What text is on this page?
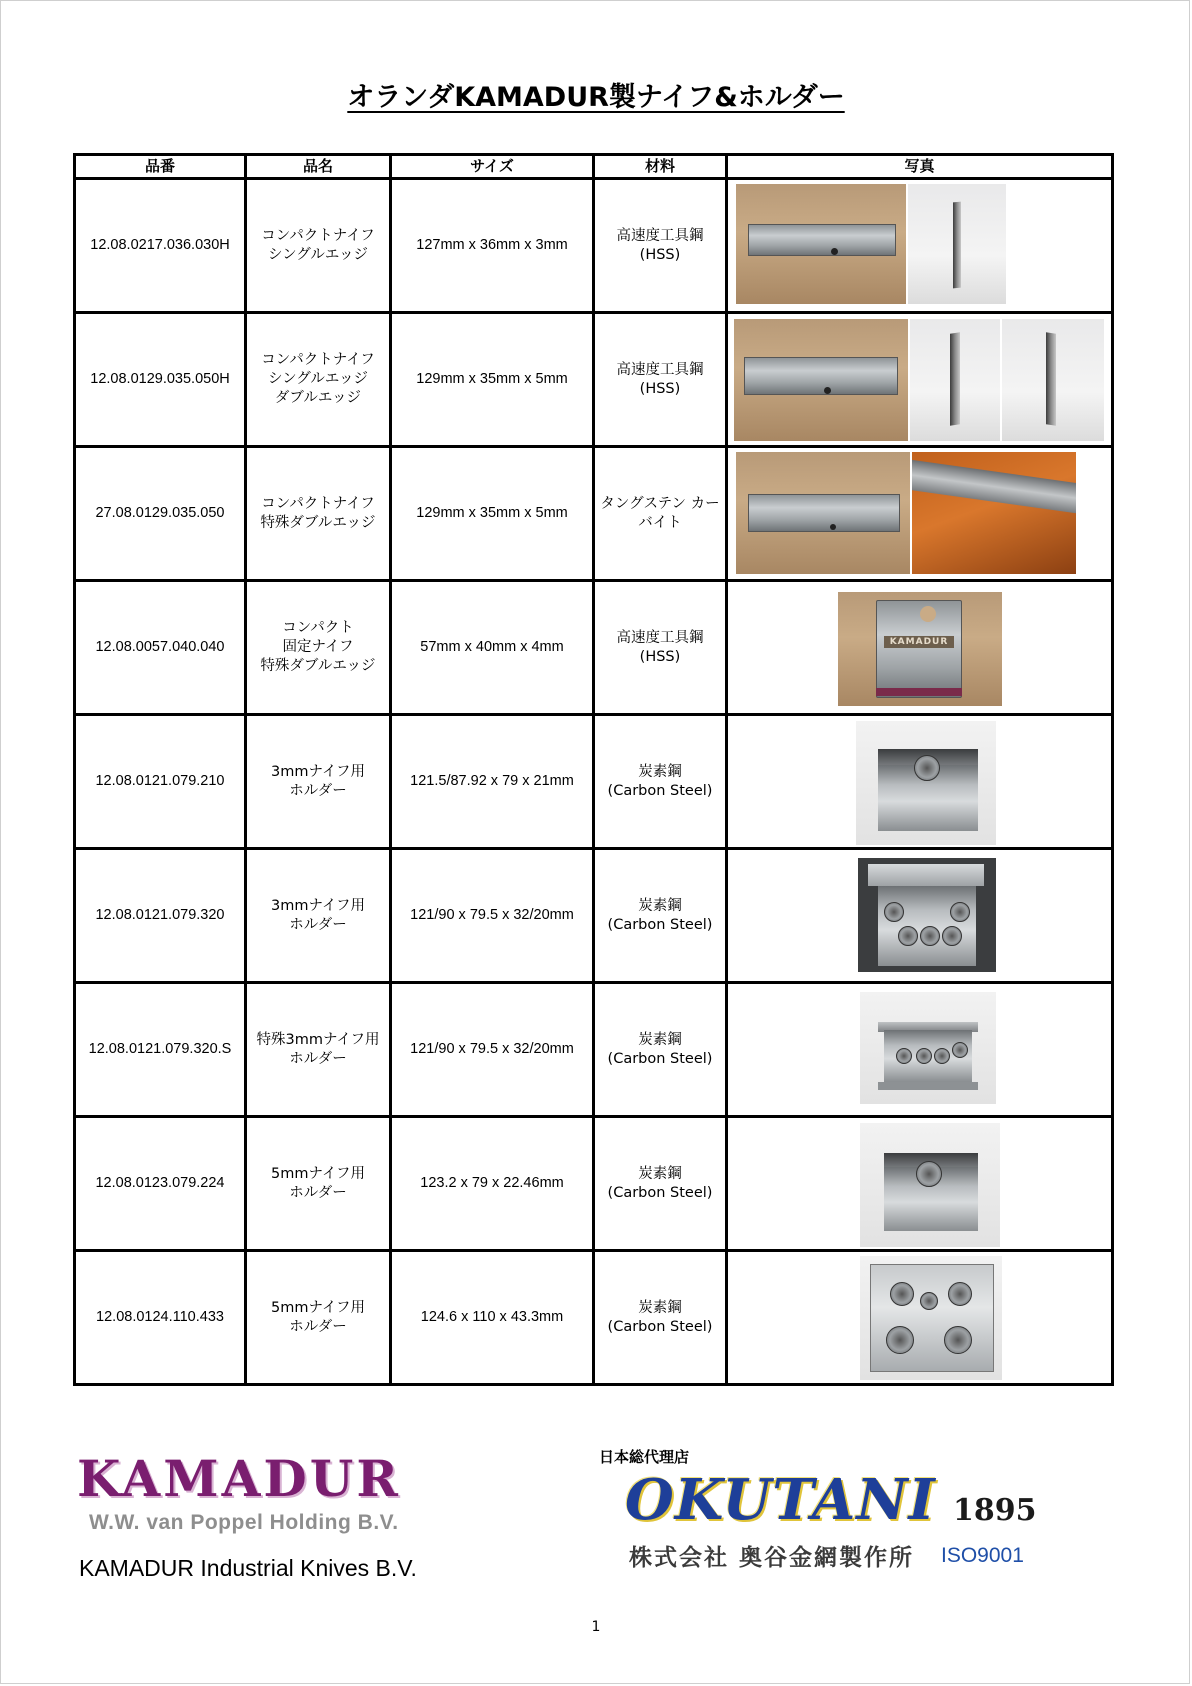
オランダKAMADUR製ナイフ&ホルダー
品番	品名	サイズ	材料	写真
12.08.0217.036.030H	コンパクトナイフ
シングルエッジ	127mm x 36mm x 3mm	高速度工具鋼
(HSS)	

12.08.0129.035.050H	コンパクトナイフ
シングルエッジ
ダブルエッジ	129mm x 35mm x 5mm	高速度工具鋼
(HSS)	

27.08.0129.035.050	コンパクトナイフ
特殊ダブルエッジ	129mm x 35mm x 5mm	タングステン カー
バイト	

12.08.0057.040.040	コンパクト
固定ナイフ
特殊ダブルエッジ	57mm x 40mm x 4mm	高速度工具鋼
(HSS)	KAMADUR

12.08.0121.079.210	3mmナイフ用
ホルダー	121.5/87.92 x 79 x 21mm	炭素鋼
(Carbon Steel)	

12.08.0121.079.320	3mmナイフ用
ホルダー	121/90 x 79.5 x 32/20mm	炭素鋼
(Carbon Steel)	

12.08.0121.079.320.S	特殊3mmナイフ用
ホルダー	121/90 x 79.5 x 32/20mm	炭素鋼
(Carbon Steel)	

12.08.0123.079.224	5mmナイフ用
ホルダー	123.2 x 79 x 22.46mm	炭素鋼
(Carbon Steel)	

12.08.0124.110.433	5mmナイフ用
ホルダー	124.6 x 110 x 43.3mm	炭素鋼
(Carbon Steel)	

KAMADUR
W.W. van Poppel Holding B.V.
KAMADUR Industrial Knives B.V.
日本総代理店
OKUTANI 1895
株式会社 奥谷金網製作所 ISO9001
1
